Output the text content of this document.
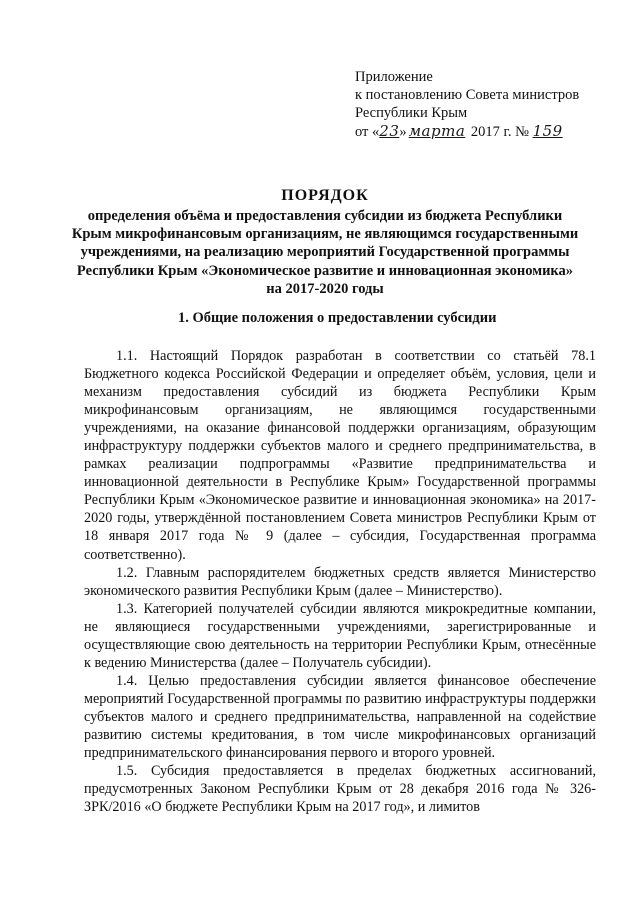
Приложение
к постановлению Совета министров
Республики Крым
от «23» марта 2017 г. № 159
ПОРЯДОК
определения объёма и предоставления субсидии из бюджета Республики
Крым микрофинансовым организациям, не являющимся государственными
учреждениями, на реализацию мероприятий Государственной программы
Республики Крым «Экономическое развитие и инновационная экономика»
на 2017-2020 годы
1. Общие положения о предоставлении субсидии

1.1. Настоящий Порядок разработан в соответствии со статьёй 78.1 Бюджетного кодекса Российской Федерации и определяет объём, условия, цели и механизм предоставления субсидий из бюджета Республики Крым микрофинансовым организациям, не являющимся государственными учреждениями, на оказание финансовой поддержки организациям, образующим инфраструктуру поддержки субъектов малого и среднего предпринимательства, в рамках реализации подпрограммы «Развитие предпринимательства и инновационной деятельности в Республике Крым» Государственной программы Республики Крым «Экономическое развитие и инновационная экономика» на 2017-2020 годы, утверждённой постановлением Совета министров Республики Крым от 18 января 2017 года № 9 (далее – субсидия, Государственная программа соответственно).

1.2. Главным распорядителем бюджетных средств является Министерство экономического развития Республики Крым (далее – Министерство).

1.3. Категорией получателей субсидии являются микрокредитные компании, не являющиеся государственными учреждениями, зарегистрированные и осуществляющие свою деятельность на территории Республики Крым, отнесённые к ведению Министерства (далее – Получатель субсидии).

1.4. Целью предоставления субсидии является финансовое обеспечение мероприятий Государственной программы по развитию инфраструктуры поддержки субъектов малого и среднего предпринимательства, направленной на содействие развитию системы кредитования, в том числе микрофинансовых организаций предпринимательского финансирования первого и второго уровней.

1.5. Субсидия предоставляется в пределах бюджетных ассигнований, предусмотренных Законом Республики Крым от 28 декабря 2016 года № 326-ЗРК/2016 «О бюджете Республики Крым на 2017 год», и лимитов
